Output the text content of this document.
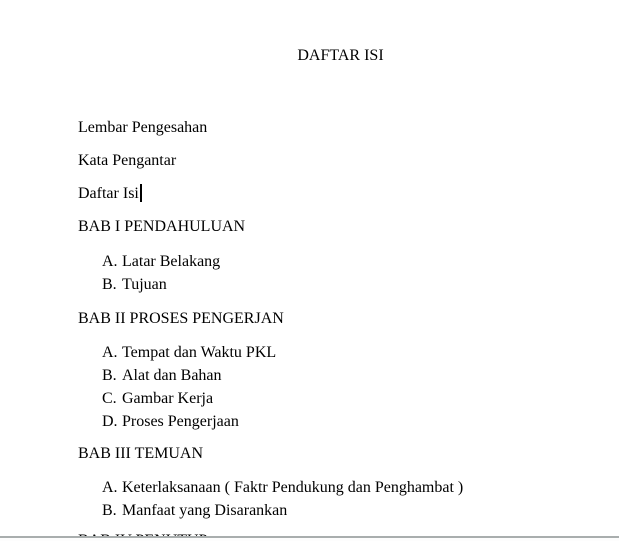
DAFTAR ISI
Lembar Pengesahan
Kata Pengantar
Daftar Isi
BAB I PENDAHULUAN
A. Latar Belakang
B. Tujuan
BAB II PROSES PENGERJAN
A. Tempat dan Waktu PKL
B. Alat dan Bahan
C. Gambar Kerja
D. Proses Pengerjaan
BAB III TEMUAN
A. Keterlaksanaan ( Faktr Pendukung dan Penghambat )
B. Manfaat yang Disarankan
